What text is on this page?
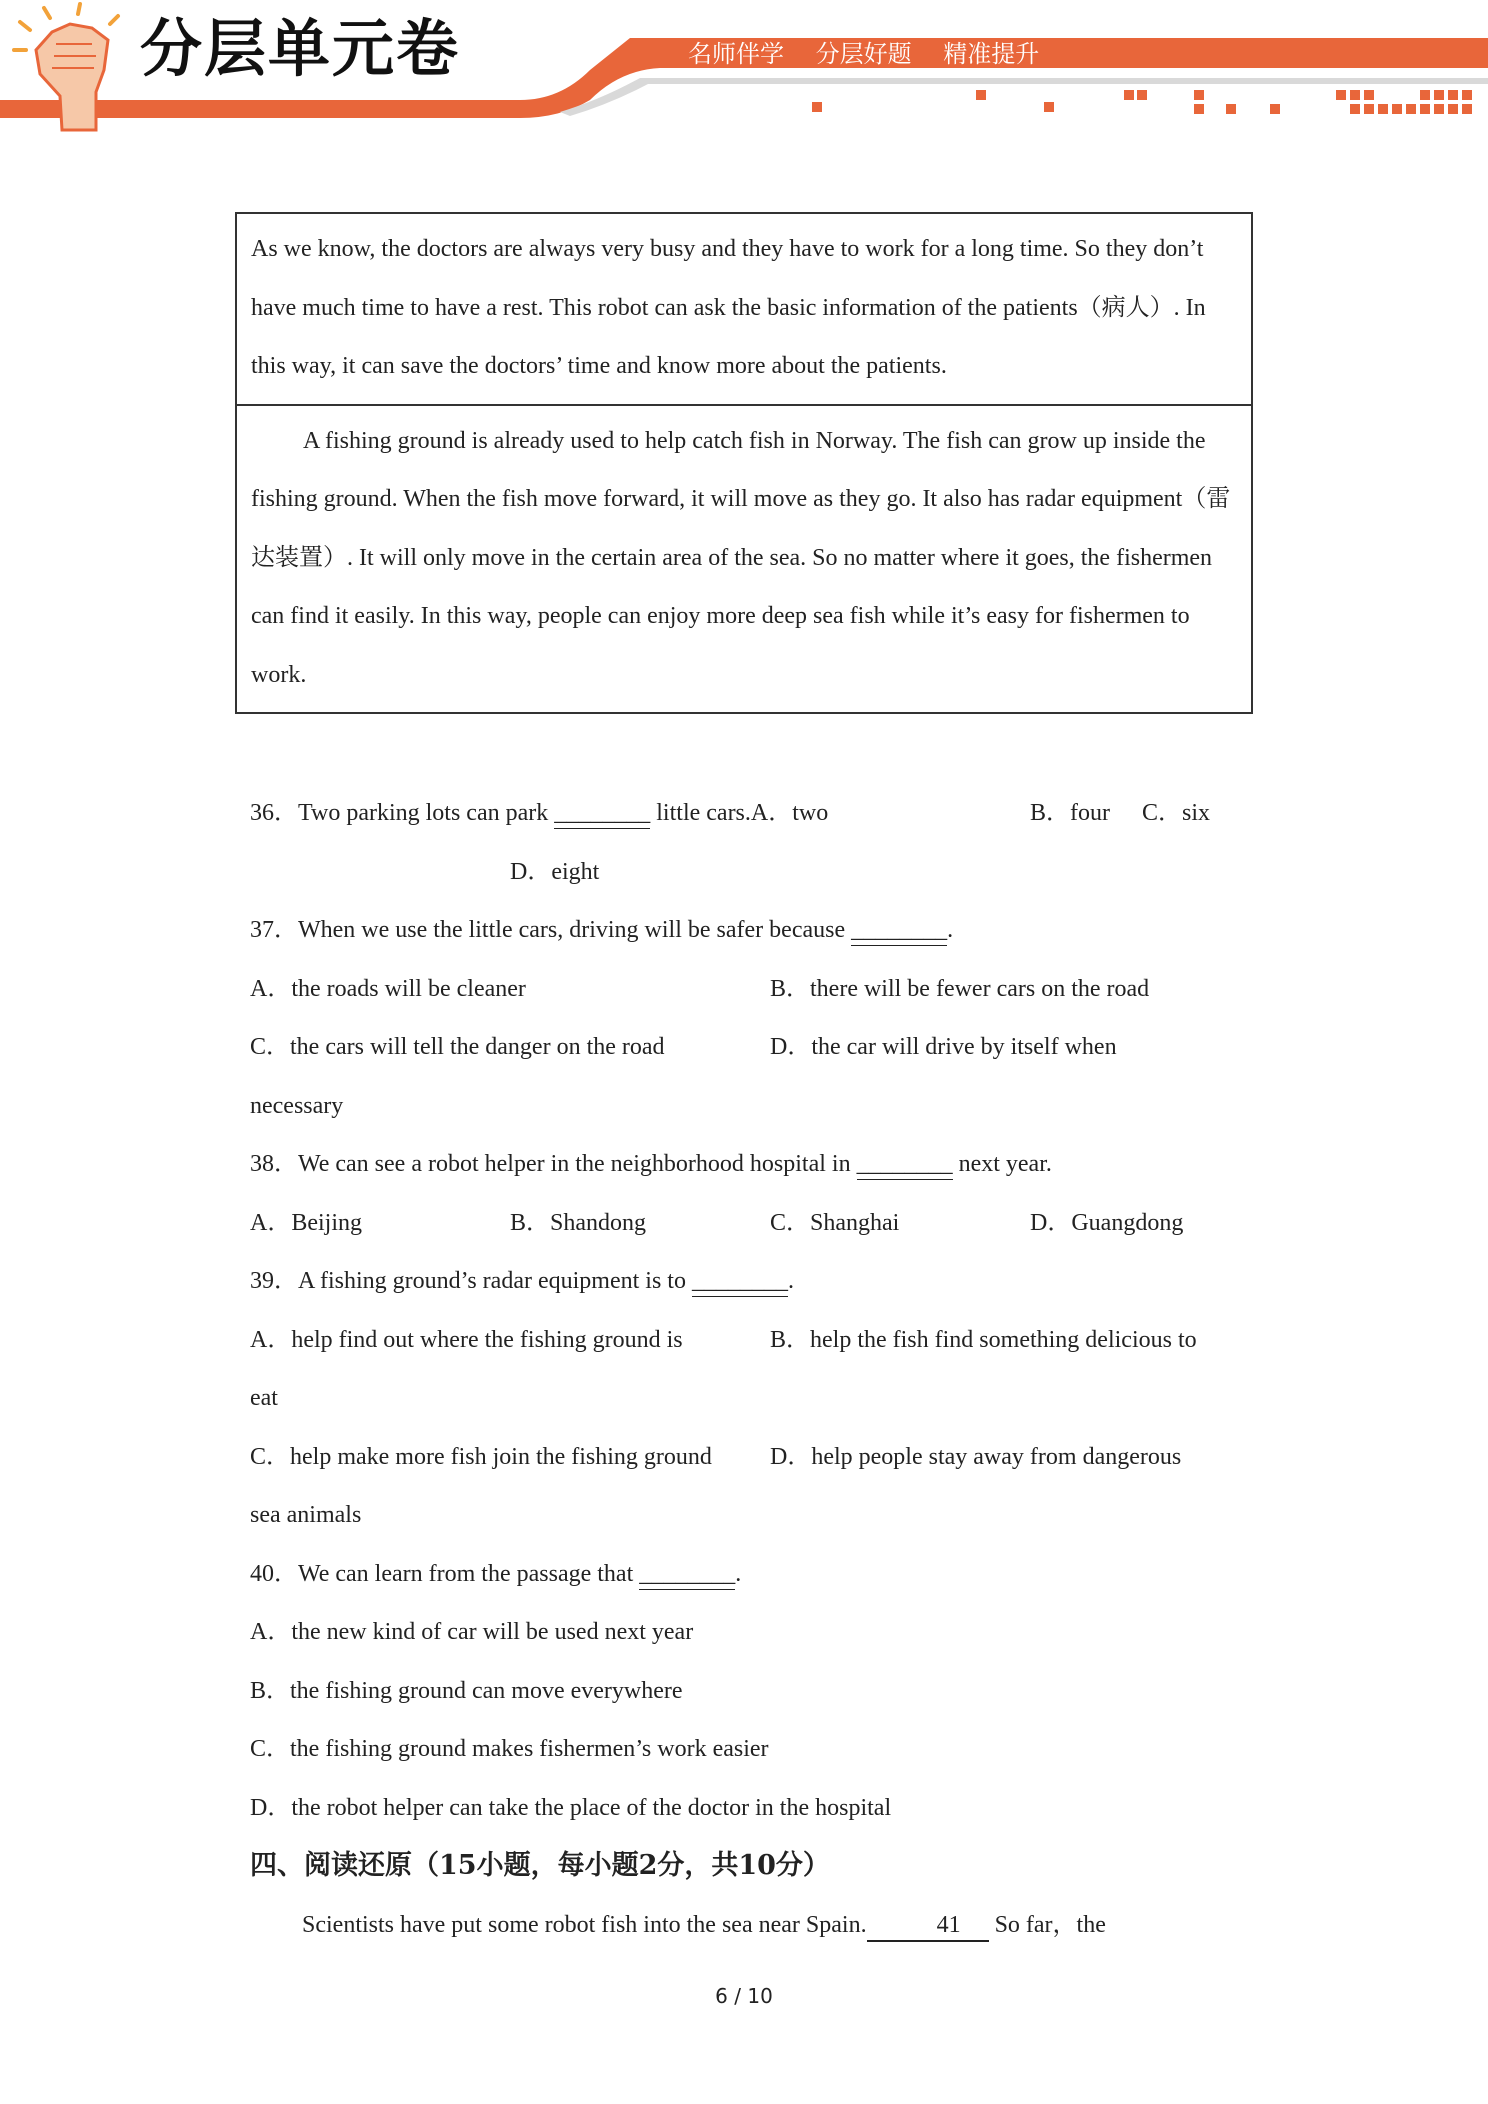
分层单元卷	名师伴学 分层好题 精准提升
As we know, the doctors are always very busy and they have to work for a long time. So they don’t have much time to have a rest. This robot can ask the basic information of the patients（病人）. In this way, it can save the doctors’ time and know more about the patients.
A fishing ground is already used to help catch fish in Norway. The fish can grow up inside the fishing ground. When the fish move forward, it will move as they go. It also has radar equipment（雷达装置）. It will only move in the certain area of the sea. So no matter where it goes, the fishermen can find it easily. In this way, people can enjoy more deep sea fish while it’s easy for fishermen to work.
36．Two parking lots can park ________ little cars.A．two	B．four C．six
D．eight
37．When we use the little cars, driving will be safer because ________.
A．the roads will be cleaner	B．there will be fewer cars on the road
C．the cars will tell the danger on the road	D．the car will drive by itself when
necessary
38．We can see a robot helper in the neighborhood hospital in ________ next year.
A．Beijing	B．Shandong	C．Shanghai	D．Guangdong
39．A fishing ground’s radar equipment is to ________.
A．help find out where the fishing ground is	B．help the fish find something delicious to
eat
C．help make more fish join the fishing ground D．help people stay away from dangerous
sea animals
40．We can learn from the passage that ________.
A．the new kind of car will be used next year
B．the fishing ground can move everywhere
C．the fishing ground makes fishermen’s work easier
D．the robot helper can take the place of the doctor in the hospital
四、阅读还原（15小题，每小题2分，共10分）
Scientists have put some robot fish into the sea near Spain.	41 So far，the
6 / 10
